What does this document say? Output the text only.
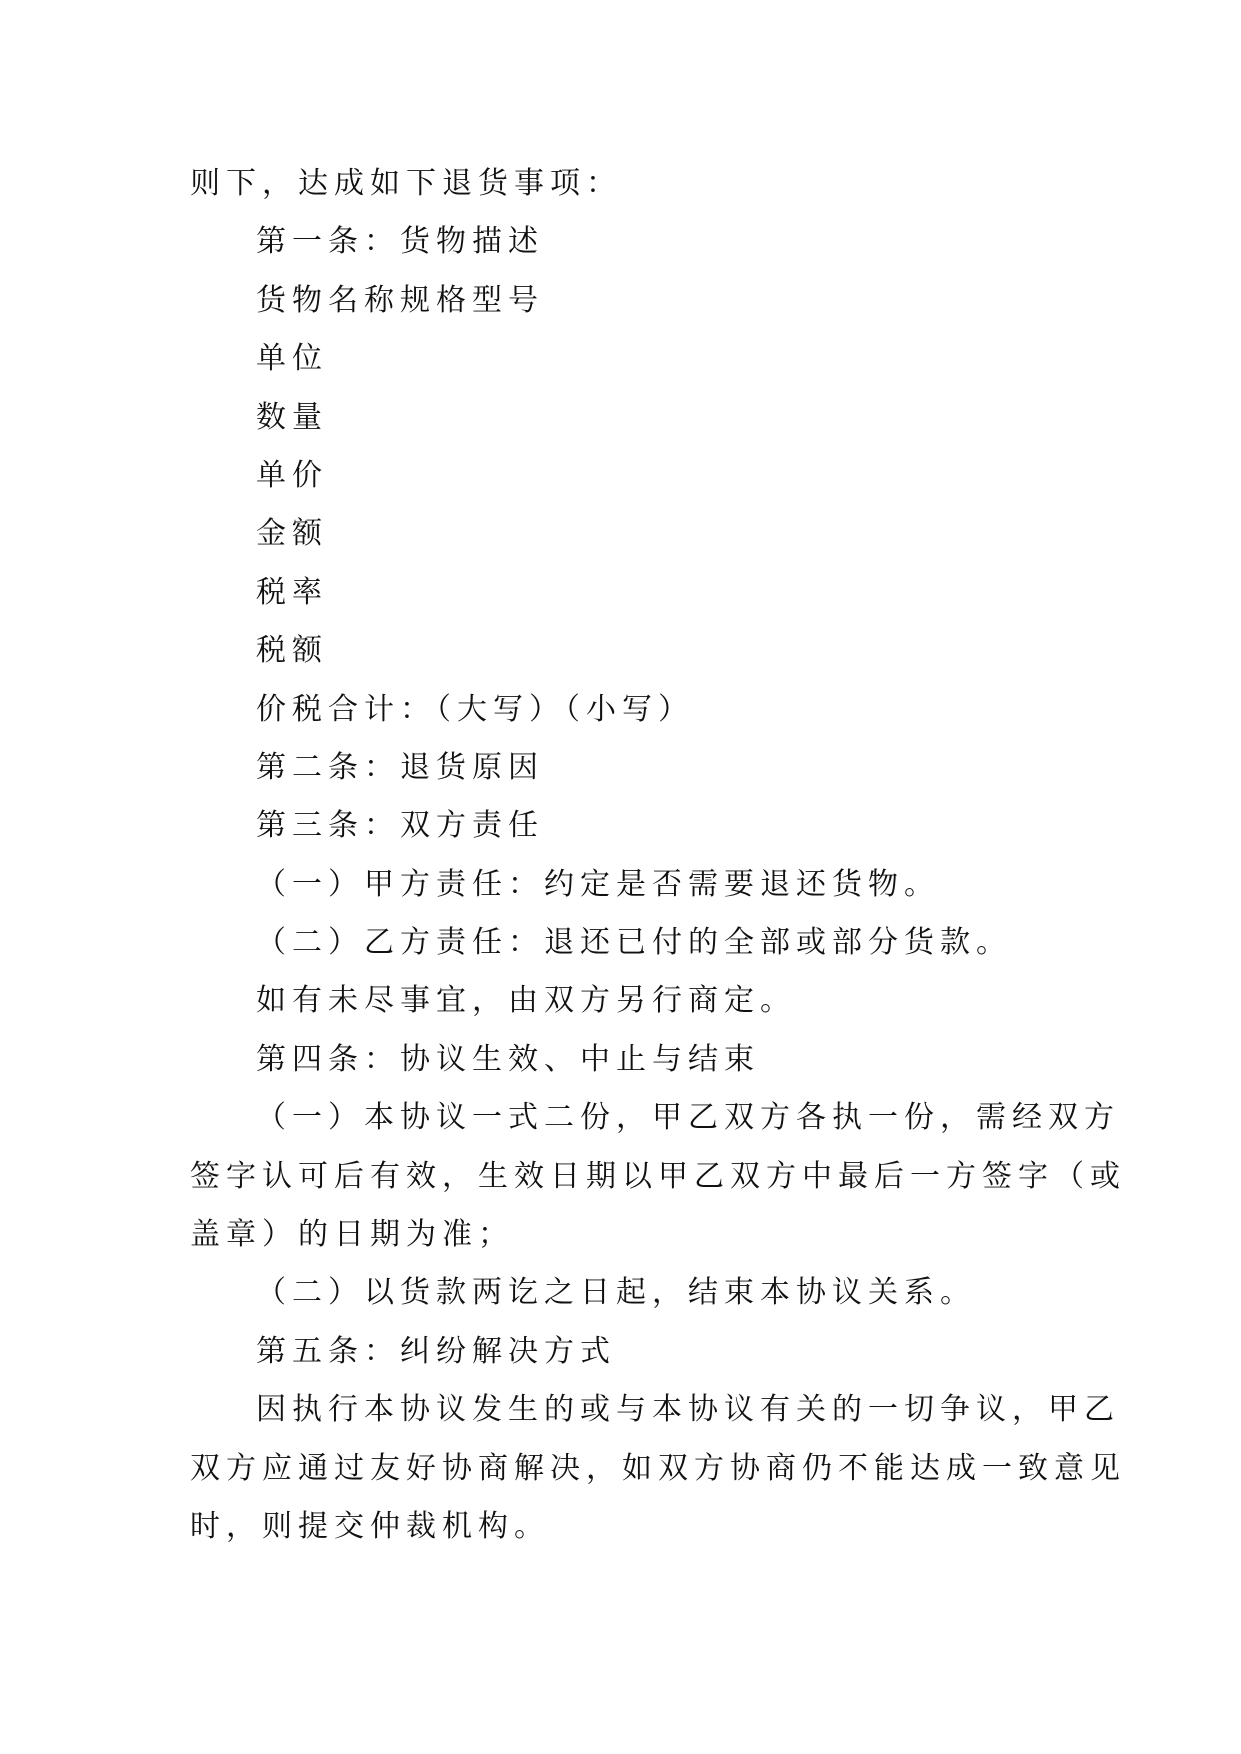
则下，达成如下退货事项：

第一条：货物描述

货物名称规格型号

单位

数量

单价

金额

税率

税额

价税合计：（大写）（小写）

第二条：退货原因

第三条：双方责任

（一）甲方责任：约定是否需要退还货物。

（二）乙方责任：退还已付的全部或部分货款。

如有未尽事宜，由双方另行商定。

第四条：协议生效、中止与结束

（一）本协议一式二份，甲乙双方各执一份，需经双方

签字认可后有效，生效日期以甲乙双方中最后一方签字（或

盖章）的日期为准；

（二）以货款两讫之日起，结束本协议关系。

第五条：纠纷解决方式

因执行本协议发生的或与本协议有关的一切争议，甲乙

双方应通过友好协商解决，如双方协商仍不能达成一致意见

时，则提交仲裁机构。
